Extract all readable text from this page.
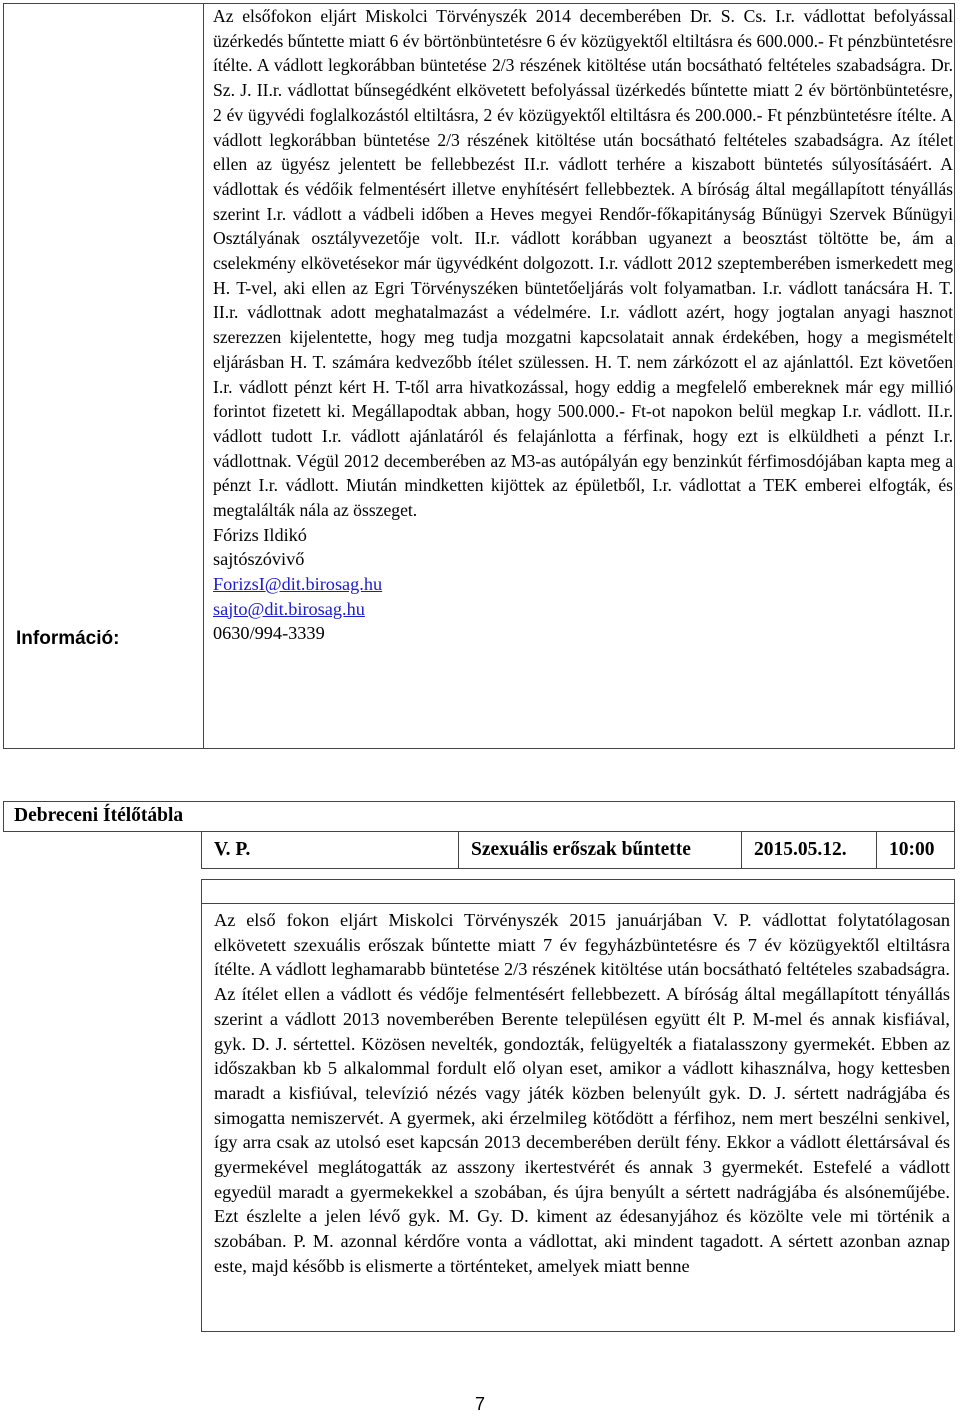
Információ:

Az elsőfokon eljárt Miskolci Törvényszék 2014 decemberében Dr. S. Cs. I.r. vádlottat befolyással üzérkedés bűntette miatt 6 év börtönbüntetésre 6 év közügyektől eltiltásra és 600.000.- Ft pénzbüntetésre ítélte. A vádlott legkorábban büntetése 2/3 részének kitöltése után bocsátható feltételes szabadságra. Dr. Sz. J. II.r. vádlottat bűnsegédként elkövetett befolyással üzérkedés bűntette miatt 2 év börtönbüntetésre, 2 év ügyvédi foglalkozástól eltiltásra, 2 év közügyektől eltiltásra és 200.000.- Ft pénzbüntetésre ítélte. A vádlott legkorábban büntetése 2/3 részének kitöltése után bocsátható feltételes szabadságra. Az ítélet ellen az ügyész jelentett be fellebbezést II.r. vádlott terhére a kiszabott büntetés súlyosításáért. A vádlottak és védőik felmentésért illetve enyhítésért fellebbeztek. A bíróság által megállapított tényállás szerint I.r. vádlott a vádbeli időben a Heves megyei Rendőr-főkapitányság Bűnügyi Szervek Bűnügyi Osztályának osztályvezetője volt. II.r. vádlott korábban ugyanezt a beosztást töltötte be, ám a cselekmény elkövetésekor már ügyvédként dolgozott. I.r. vádlott 2012 szeptemberében ismerkedett meg H. T-vel, aki ellen az Egri Törvényszéken büntetőeljárás volt folyamatban. I.r. vádlott tanácsára H. T. II.r. vádlottnak adott meghatalmazást a védelmére. I.r. vádlott azért, hogy jogtalan anyagi hasznot szerezzen kijelentette, hogy meg tudja mozgatni kapcsolatait annak érdekében, hogy a megismételt eljárásban H. T. számára kedvezőbb ítélet szülessen. H. T. nem zárkózott el az ajánlattól. Ezt követően I.r. vádlott pénzt kért H. T-től arra hivatkozással, hogy eddig a megfelelő embereknek már egy millió forintot fizetett ki. Megállapodtak abban, hogy 500.000.- Ft-ot napokon belül megkap I.r. vádlott. II.r. vádlott tudott I.r. vádlott ajánlatáról és felajánlotta a férfinak, hogy ezt is elküldheti a pénzt I.r. vádlottnak. Végül 2012 decemberében az M3-as autópályán egy benzinkút férfimosdójában kapta meg a pénzt I.r. vádlott. Miután mindketten kijöttek az épületből, I.r. vádlottat a TEK emberei elfogták, és megtalálták nála az összeget.

Fórizs Ildikó
sajtószóvivő
ForizsI@dit.birosag.hu
sajto@dit.birosag.hu
0630/994-3339
Debreceni Ítélőtábla
V. P.	Szexuális erőszak bűntette	2015.05.12.	10:00

Az első fokon eljárt Miskolci Törvényszék 2015 januárjában V. P. vádlottat folytatólagosan elkövetett szexuális erőszak bűntette miatt 7 év fegyházbüntetésre és 7 év közügyektől eltiltásra ítélte. A vádlott leghamarabb büntetése 2/3 részének kitöltése után bocsátható feltételes szabadságra. Az ítélet ellen a vádlott és védője felmentésért fellebbezett. A bíróság által megállapított tényállás szerint a vádlott 2013 novemberében Berente településen együtt élt P. M-mel és annak kisfiával, gyk. D. J. sértettel. Közösen nevelték, gondozták, felügyelték a fiatalasszony gyermekét. Ebben az időszakban kb 5 alkalommal fordult elő olyan eset, amikor a vádlott kihasználva, hogy kettesben maradt a kisfiúval, televízió nézés vagy játék közben belenyúlt gyk. D. J. sértett nadrágjába és simogatta nemiszervét. A gyermek, aki érzelmileg kötődött a férfihoz, nem mert beszélni senkivel, így arra csak az utolsó eset kapcsán 2013 decemberében derült fény. Ekkor a vádlott élettársával és gyermekével meglátogatták az asszony ikertestvérét és annak 3 gyermekét. Estefelé a vádlott egyedül maradt a gyermekekkel a szobában, és újra benyúlt a sértett nadrágjába és alsóneműjébe. Ezt észlelte a jelen lévő gyk. M. Gy. D. kiment az édesanyjához és közölte vele mi történik a szobában. P. M. azonnal kérdőre vonta a vádlottat, aki mindent tagadott. A sértett azonban aznap este, majd később is elismerte a történteket, amelyek miatt benne

7
